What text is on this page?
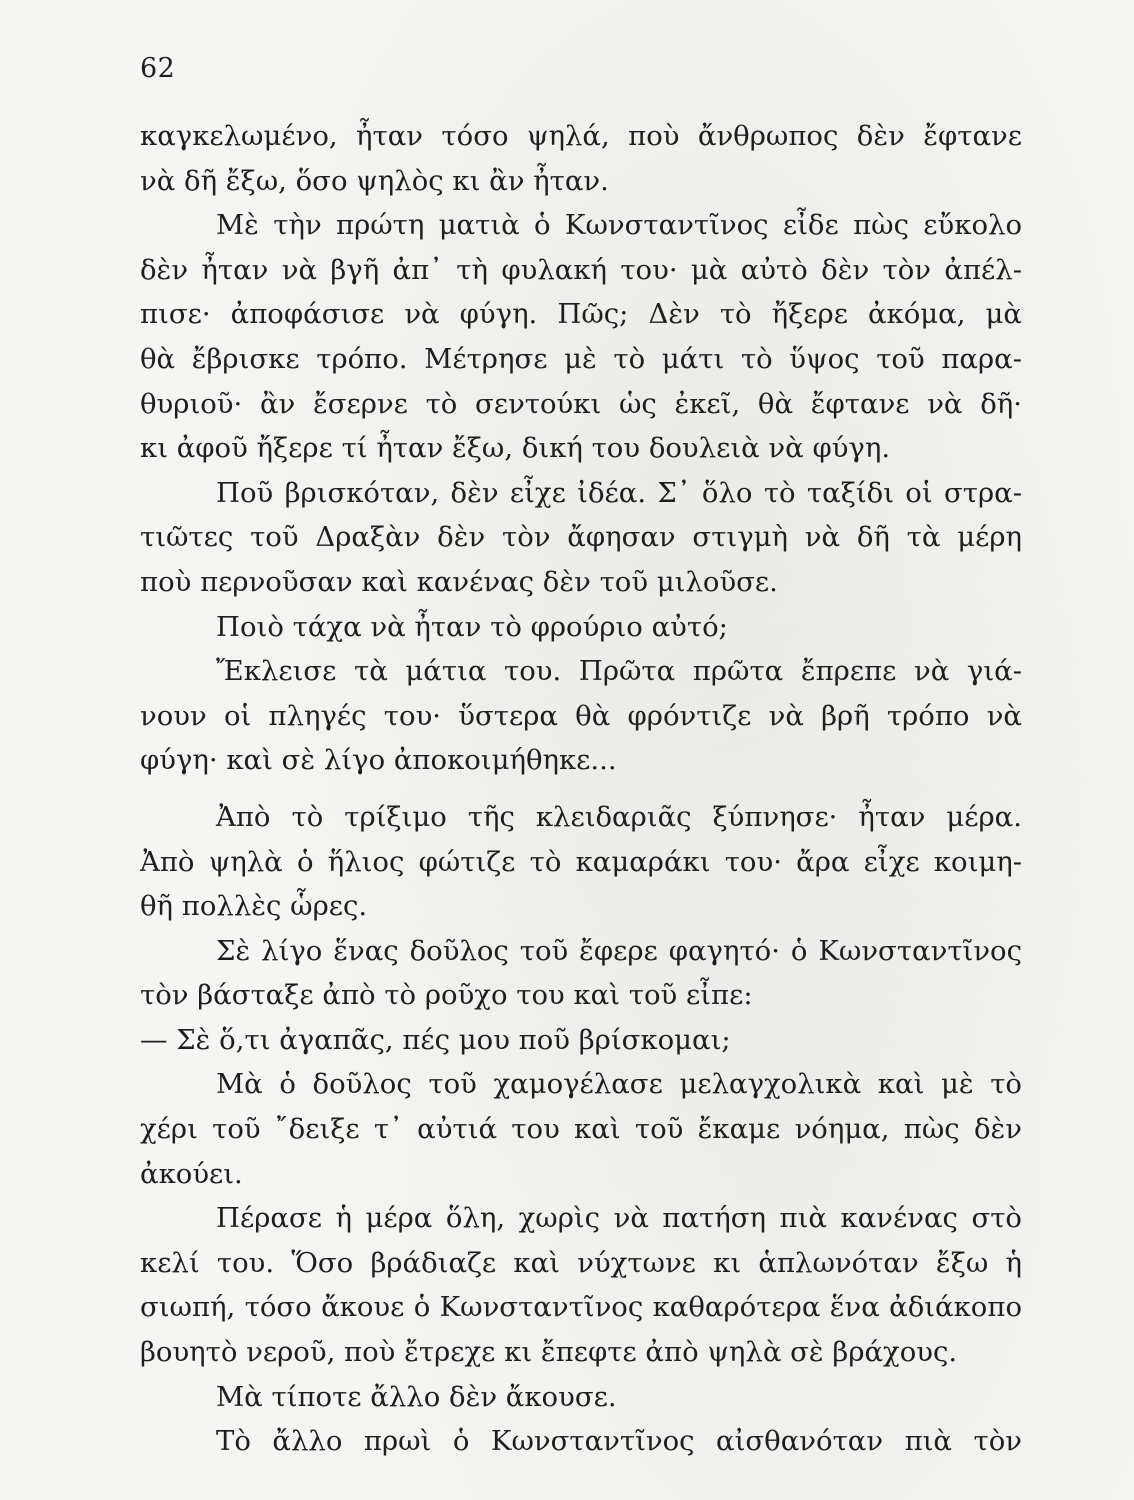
62
καγκελωμένο, ἦταν τόσο ψηλά, ποὺ ἄνθρωπος δὲν ἔφτανε
νὰ δῆ ἔξω, ὅσο ψηλὸς κι ἂν ἦταν.
Μὲ τὴν πρώτη ματιὰ ὁ Κωνσταντῖνος εἶδε πὼς εὔκολο
δὲν ἦταν νὰ βγῆ ἀπ᾽ τὴ φυλακή του· μὰ αὐτὸ δὲν τὸν ἀπέλ-
πισε· ἀποφάσισε νὰ φύγη. Πῶς; Δὲν τὸ ἤξερε ἀκόμα, μὰ
θὰ ἔβρισκε τρόπο. Μέτρησε μὲ τὸ μάτι τὸ ὕψος τοῦ παρα-
θυριοῦ· ἂν ἔσερνε τὸ σεντούκι ὡς ἐκεῖ, θὰ ἔφτανε νὰ δῆ·
κι ἀφοῦ ἤξερε τί ἦταν ἔξω, δική του δουλειὰ νὰ φύγη.
Ποῦ βρισκόταν, δὲν εἶχε ἰδέα. Σ᾽ ὅλο τὸ ταξίδι οἱ στρα-
τιῶτες τοῦ Δραξὰν δὲν τὸν ἄφησαν στιγμὴ νὰ δῆ τὰ μέρη
ποὺ περνοῦσαν καὶ κανένας δὲν τοῦ μιλοῦσε.
Ποιὸ τάχα νὰ ἦταν τὸ φρούριο αὐτό;
Ἔκλεισε τὰ μάτια του. Πρῶτα πρῶτα ἔπρεπε νὰ γιά-
νουν οἱ πληγές του· ὕστερα θὰ φρόντιζε νὰ βρῆ τρόπο νὰ
φύγη· καὶ σὲ λίγο ἀποκοιμήθηκε...
Ἀπὸ τὸ τρίξιμο τῆς κλειδαριᾶς ξύπνησε· ἦταν μέρα.
Ἀπὸ ψηλὰ ὁ ἥλιος φώτιζε τὸ καμαράκι του· ἄρα εἶχε κοιμη-
θῆ πολλὲς ὧρες.
Σὲ λίγο ἕνας δοῦλος τοῦ ἔφερε φαγητό· ὁ Κωνσταντῖνος
τὸν βάσταξε ἀπὸ τὸ ροῦχο του καὶ τοῦ εἶπε:
— Σὲ ὅ,τι ἀγαπᾶς, πές μου ποῦ βρίσκομαι;
Μὰ ὁ δοῦλος τοῦ χαμογέλασε μελαγχολικὰ καὶ μὲ τὸ
χέρι τοῦ ῎δειξε τ᾽ αὐτιά του καὶ τοῦ ἔκαμε νόημα, πὼς δὲν
ἀκούει.
Πέρασε ἡ μέρα ὅλη, χωρὶς νὰ πατήση πιὰ κανένας στὸ
κελί του. Ὅσο βράδιαζε καὶ νύχτωνε κι ἁπλωνόταν ἔξω ἡ
σιωπή, τόσο ἄκουε ὁ Κωνσταντῖνος καθαρότερα ἕνα ἀδιάκοπο
βουητὸ νεροῦ, ποὺ ἔτρεχε κι ἔπεφτε ἀπὸ ψηλὰ σὲ βράχους.
Μὰ τίποτε ἄλλο δὲν ἄκουσε.
Τὸ ἄλλο πρωὶ ὁ Κωνσταντῖνος αἰσθανόταν πιὰ τὸν
